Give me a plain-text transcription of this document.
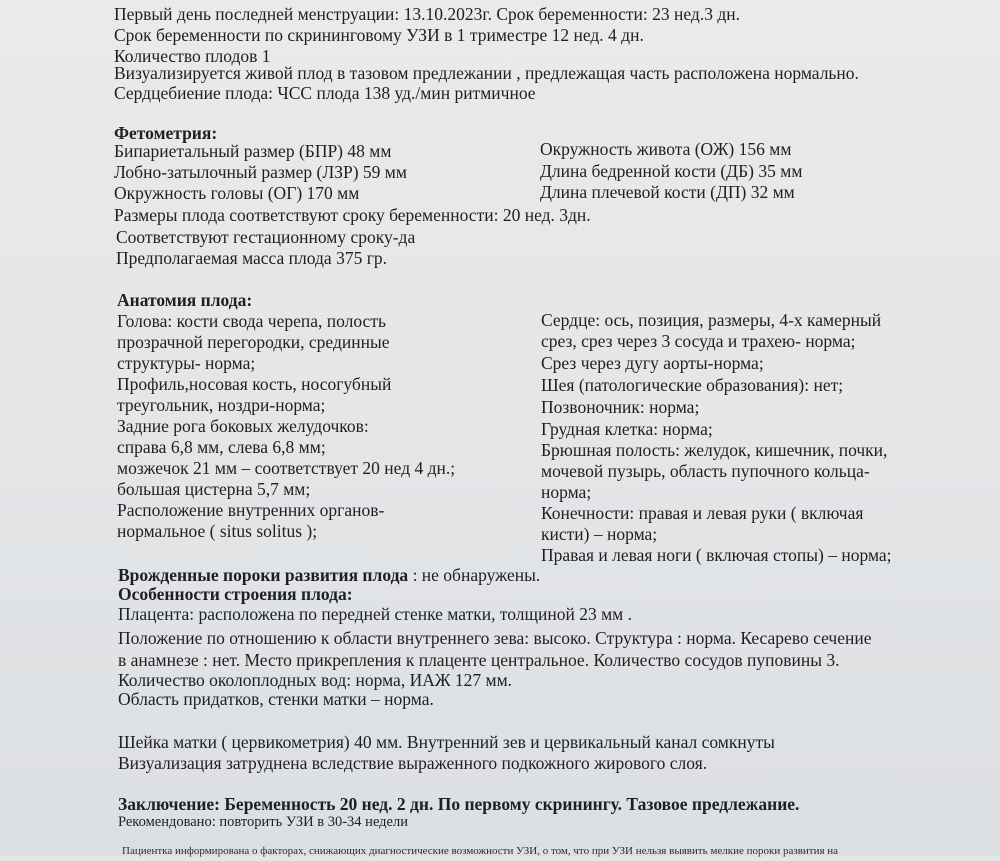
Первый день последней менструации: 13.10.2023г. Срок беременности: 23 нед.3 дн.

Срок беременности по скрининговому УЗИ в 1 триместре 12 нед. 4 дн.

Количество плодов 1

Визуализируется живой плод в тазовом предлежании , предлежащая часть расположена нормально.

Сердцебиение плода: ЧСС плода 138 уд./мин ритмичное

Фетометрия:

Бипариетальный размер (БПР) 48 мм

Лобно-затылочный размер (ЛЗР) 59 мм

Окружность головы (ОГ) 170 мм

Окружность живота (ОЖ) 156 мм

Длина бедренной кости (ДБ) 35 мм

Длина плечевой кости (ДП) 32 мм

Размеры плода соответствуют сроку беременности: 20 нед. 3дн.

Соответствуют гестационному сроку-да

Предполагаемая масса плода 375 гр.

Анатомия плода:

Голова: кости свода черепа, полость

прозрачной перегородки, срединные

структуры- норма;

Профиль,носовая кость, носогубный

треугольник, ноздри-норма;

Задние рога боковых желудочков:

справа 6,8 мм, слева 6,8 мм;

мозжечок 21 мм – соответствует 20 нед 4 дн.;

большая цистерна 5,7 мм;

Расположение внутренних органов-

нормальное ( situs solitus );

Сердце: ось, позиция, размеры, 4-х камерный

срез, срез через 3 сосуда и трахею- норма;

Срез через дугу аорты-норма;

Шея (патологические образования): нет;

Позвоночник: норма;

Грудная клетка: норма;

Брюшная полость: желудок, кишечник, почки,

мочевой пузырь, область пупочного кольца-

норма;

Конечности: правая и левая руки ( включая

кисти) – норма;

Правая и левая ноги ( включая стопы) – норма;

Врожденные пороки развития плода : не обнаружены.

Особенности строения плода:

Плацента: расположена по передней стенке матки, толщиной 23 мм .

Положение по отношению к области внутреннего зева: высоко. Структура : норма. Кесарево сечение

в анамнезе : нет. Место прикрепления к плаценте центральное. Количество сосудов пуповины 3.

Количество околоплодных вод: норма, ИАЖ 127 мм.

Область придатков, стенки матки – норма.

Шейка матки ( цервикометрия) 40 мм. Внутренний зев и цервикальный канал сомкнуты

Визуализация затруднена вследствие выраженного подкожного жирового слоя.

Заключение: Беременность 20 нед. 2 дн. По первому скринингу. Тазовое предлежание.

Рекомендовано: повторить УЗИ в 30-34 недели

Пациентка информирована о факторах, снижающих диагностические возможности УЗИ, о том, что при УЗИ нельзя выявить мелкие пороки развития на
